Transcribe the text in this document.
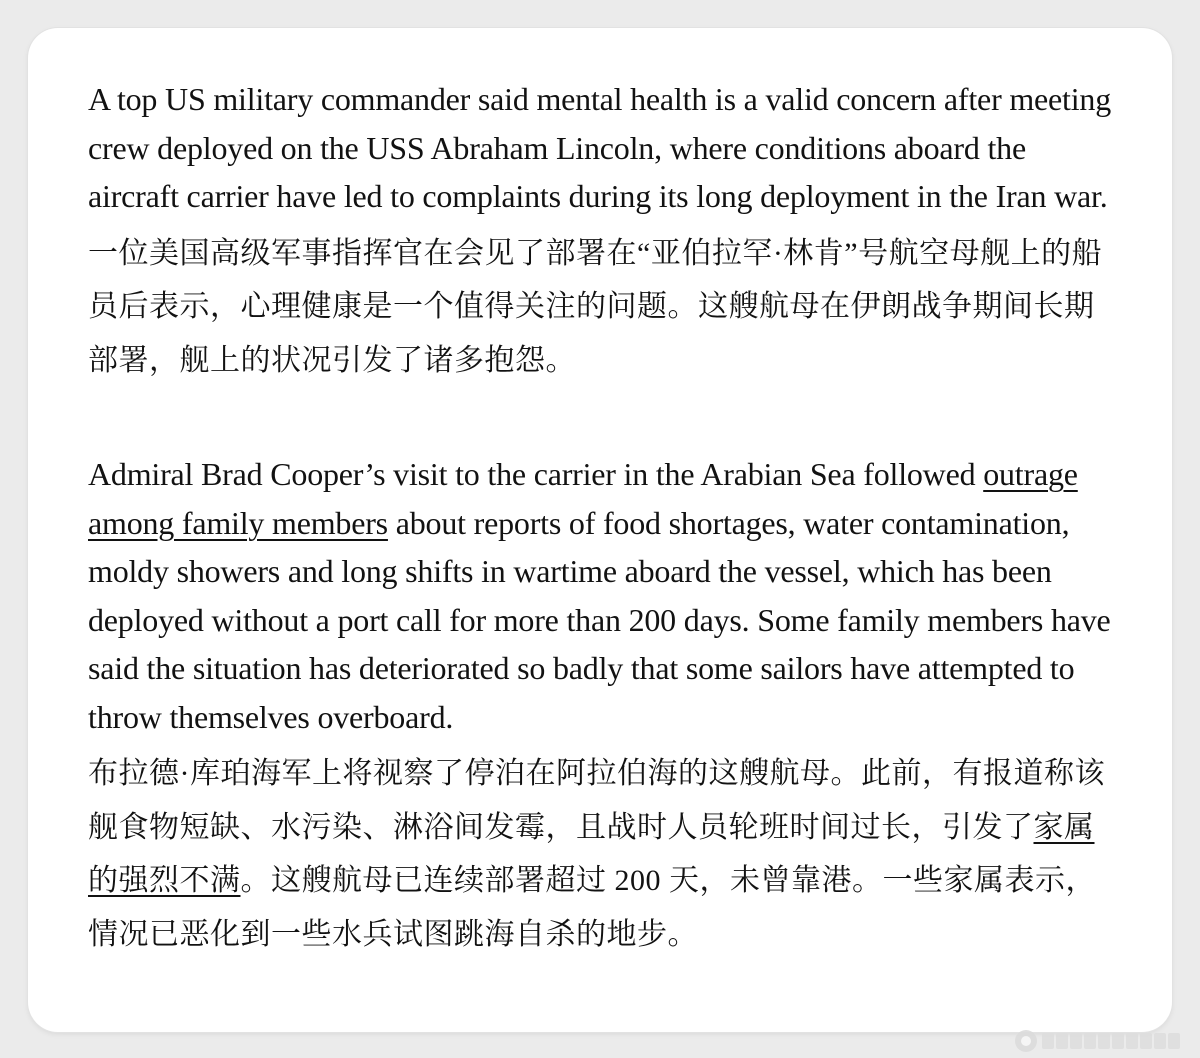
A top US military commander said mental health is a valid concern after meeting crew deployed on the USS Abraham Lincoln, where conditions aboard the aircraft carrier have led to complaints during its long deployment in the Iran war.

一位美国高级军事指挥官在会见了部署在“亚伯拉罕·林肯”号航空母舰上的船员后表示，心理健康是一个值得关注的问题。这艘航母在伊朗战争期间长期部署，舰上的状况引发了诸多抱怨。

Admiral Brad Cooper’s visit to the carrier in the Arabian Sea followed outrage among family members about reports of food shortages, water contamination, moldy showers and long shifts in wartime aboard the vessel, which has been deployed without a port call for more than 200 days. Some family members have said the situation has deteriorated so badly that some sailors have attempted to throw themselves overboard.

布拉德·库珀海军上将视察了停泊在阿拉伯海的这艘航母。此前，有报道称该舰食物短缺、水污染、淋浴间发霉，且战时人员轮班时间过长，引发了家属的强烈不满。这艘航母已连续部署超过 200 天，未曾靠港。一些家属表示，情况已恶化到一些水兵试图跳海自杀的地步。
